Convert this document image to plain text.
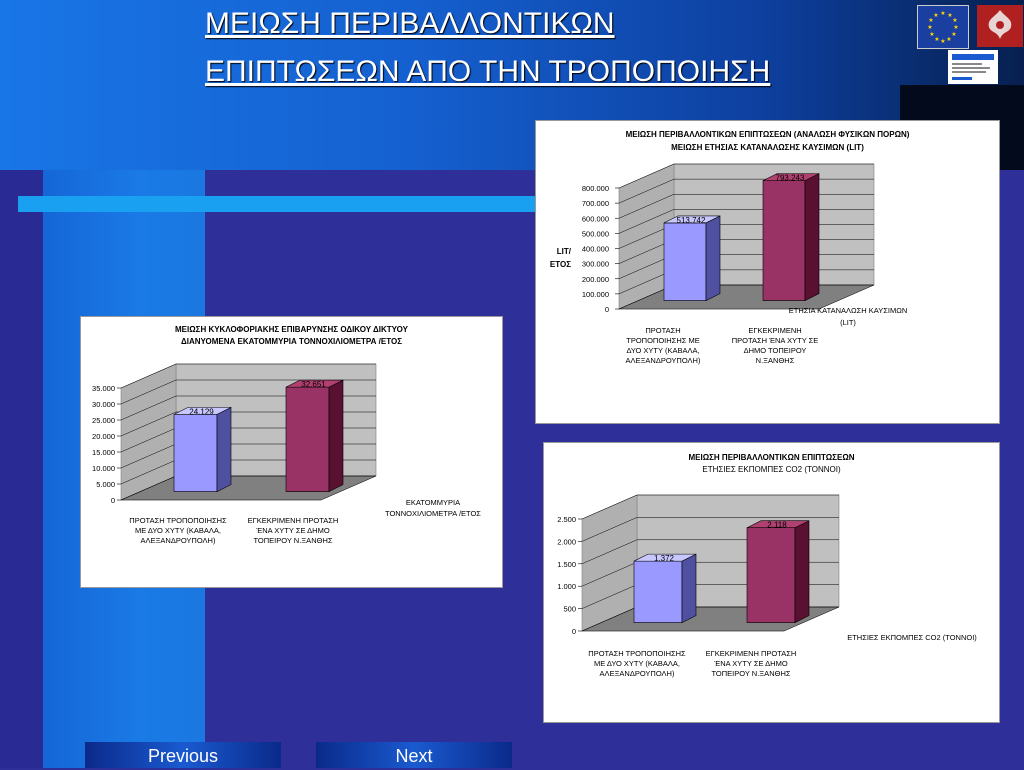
ΜΕΙΩΣΗ ΠΕΡΙΒΑΛΛΟΝΤΙΚΩΝ
ΕΠΙΠΤΩΣΕΩΝ ΑΠΟ ΤΗΝ ΤΡΟΠΟΠΟΙΗΣΗ
★ ★
★
★
★
★
★
★
★
★
★
★
ΜΕΙΩΣΗ ΠΕΡΙΒΑΛΛΟΝΤΙΚΩΝ ΕΠΙΠΤΩΣΕΩΝ (ΑΝΑΛΩΣΗ ΦΥΣΙΚΩΝ ΠΟΡΩΝ)
ΜΕΙΩΣΗ ΕΤΗΣΙΑΣ ΚΑΤΑΝΑΛΩΣΗΣ ΚΑΥΣΙΜΩΝ (LIT)
0
100.000
200.000
300.000
400.000
500.000
600.000
700.000
800.000
513.742
793.243
LIT/
ΕΤΟΣ
ΕΤΗΣΙΑ ΚΑΤΑΝΑΛΩΣΗ ΚΑΥΣΙΜΩΝ
(LIT)
ΠΡΟΤΑΣΗ
ΤΡΟΠΟΠΟΙΗΣΗΣ ΜΕ
ΔΥΟ ΧΥΤΥ (ΚΑΒΑΛΑ,
ΑΛΕΞΑΝΔΡΟΥΠΟΛΗ)
ΕΓΚΕΚΡΙΜΕΝΗ
ΠΡΟΤΑΣΗ ΈΝΑ ΧΥΤΥ ΣΕ
ΔΗΜΟ ΤΟΠΕΙΡΟΥ
Ν.ΞΑΝΘΗΣ
ΜΕΙΩΣΗ ΚΥΚΛΟΦΟΡΙΑΚΗΣ ΕΠΙΒΑΡΥΝΣΗΣ ΟΔΙΚΟΥ ΔΙΚΤΥΟΥ
ΔΙΑΝΥΟΜΕΝΑ ΕΚΑΤΟΜΜΥΡΙΑ ΤΟΝΝΟΧΙΛΙΟΜΕΤΡΑ /ΕΤΟΣ
0
5.000
10.000
15.000
20.000
25.000
30.000
35.000
24.129
32.651
ΕΚΑΤΟΜΜΥΡΙΑ
ΤΟΝΝΟΧΙΛΙΟΜΕΤΡΑ /ΕΤΟΣ
ΠΡΟΤΑΣΗ ΤΡΟΠΟΠΟΙΗΣΗΣ
ΜΕ ΔΥΟ ΧΥΤΥ (ΚΑΒΑΛΑ,
ΑΛΕΞΑΝΔΡΟΥΠΟΛΗ)
ΕΓΚΕΚΡΙΜΕΝΗ ΠΡΟΤΑΣΗ
ΈΝΑ ΧΥΤΥ ΣΕ ΔΗΜΟ
ΤΟΠΕΙΡΟΥ Ν.ΞΑΝΘΗΣ
ΜΕΙΩΣΗ ΠΕΡΙΒΑΛΛΟΝΤΙΚΩΝ ΕΠΙΠΤΩΣΕΩΝ
ΕΤΗΣΙΕΣ ΕΚΠΟΜΠΕΣ CO2 (ΤΟΝΝΟΙ)
0
500
1.000
1.500
2.000
2.500
1.372
2.118
ΕΤΗΣΙΕΣ ΕΚΠΟΜΠΕΣ CO2 (ΤΟΝΝΟΙ)
ΠΡΟΤΑΣΗ ΤΡΟΠΟΠΟΙΗΣΗΣ
ΜΕ ΔΥΟ ΧΥΤΥ (ΚΑΒΑΛΑ,
ΑΛΕΞΑΝΔΡΟΥΠΟΛΗ)
ΕΓΚΕΚΡΙΜΕΝΗ ΠΡΟΤΑΣΗ
ΈΝΑ ΧΥΤΥ ΣΕ ΔΗΜΟ
ΤΟΠΕΙΡΟΥ Ν.ΞΑΝΘΗΣ
Previous	Next
